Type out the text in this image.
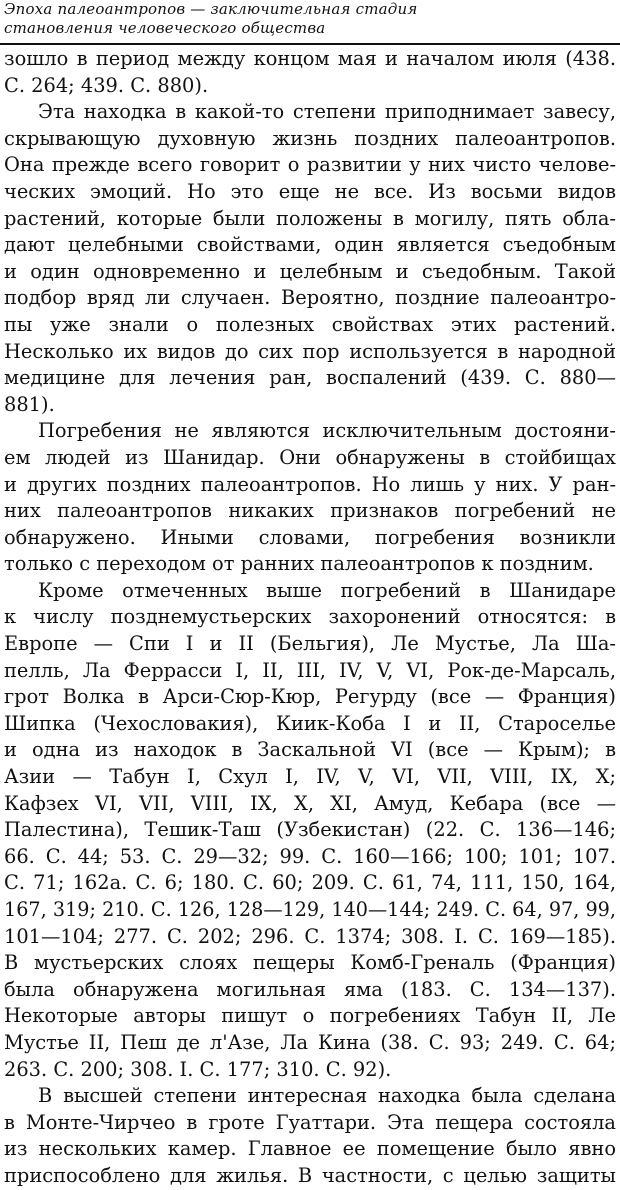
Эпоха палеоантропов — заключительная стадия
становления человеческого общества
зошло в период между концом мая и началом июля (438.
С. 264; 439. С. 880).
Эта находка в какой-то степени приподнимает завесу,
скрывающую духовную жизнь поздних палеоантропов.
Она прежде всего говорит о развитии у них чисто челове-
ческих эмоций. Но это еще не все. Из восьми видов
растений, которые были положены в могилу, пять обла-
дают целебными свойствами, один является съедобным
и один одновременно и целебным и съедобным. Такой
подбор вряд ли случаен. Вероятно, поздние палеоантро-
пы уже знали о полезных свойствах этих растений.
Несколько их видов до сих пор используется в народной
медицине для лечения ран, воспалений (439. С. 880—
881).
Погребения не являются исключительным достояни-
ем людей из Шанидар. Они обнаружены в стойбищах
и других поздних палеоантропов. Но лишь у них. У ран-
них палеоантропов никаких признаков погребений не
обнаружено. Иными словами, погребения возникли
только с переходом от ранних палеоантропов к поздним.
Кроме отмеченных выше погребений в Шанидаре
к числу позднемустьерских захоронений относятся: в
Европе — Спи I и II (Бельгия), Ле Мустье, Ла Ша-
пелль, Ла Феррасси I, II, III, IV, V, VI, Рок-де-Марсаль,
грот Волка в Арси-Сюр-Кюр, Регурду (все — Франция)
Шипка (Чехословакия), Киик-Коба I и II, Староселье
и одна из находок в Заскальной VI (все — Крым); в
Азии — Табун I, Схул I, IV, V, VI, VII, VIII, IX, X;
Кафзех VI, VII, VIII, IX, X, XI, Амуд, Кебара (все —
Палестина), Тешик-Таш (Узбекистан) (22. С. 136—146;
66. С. 44; 53. С. 29—32; 99. С. 160—166; 100; 101; 107.
С. 71; 162а. С. 6; 180. С. 60; 209. С. 61, 74, 111, 150, 164,
167, 319; 210. С. 126, 128—129, 140—144; 249. С. 64, 97, 99,
101—104; 277. С. 202; 296. С. 1374; 308. I. С. 169—185).
В мустьерских слоях пещеры Комб-Греналь (Франция)
была обнаружена могильная яма (183. С. 134—137).
Некоторые авторы пишут о погребениях Табун II, Ле
Мустье II, Пеш де л'Азе, Ла Кина (38. С. 93; 249. С. 64;
263. С. 200; 308. I. С. 177; 310. С. 92).
В высшей степени интересная находка была сделана
в Монте-Чирчео в гроте Гуаттари. Эта пещера состояла
из нескольких камер. Главное ее помещение было явно
приспособлено для жилья. В частности, с целью защиты
